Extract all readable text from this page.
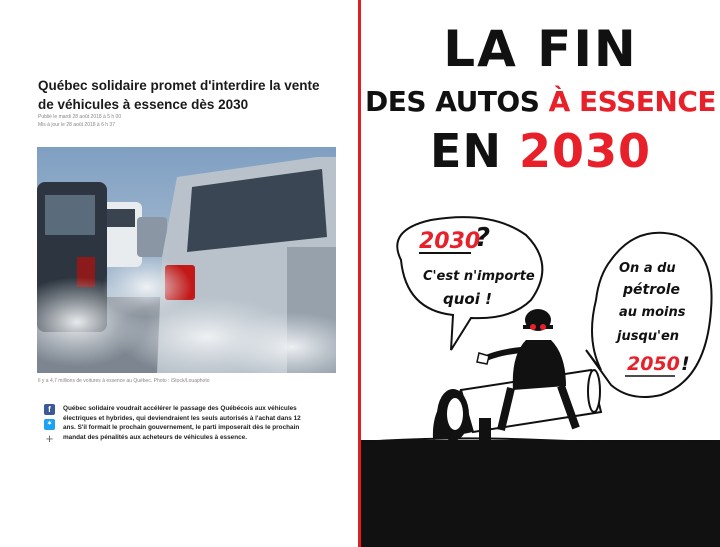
Québec solidaire promet d'interdire la vente de véhicules à essence dès 2030
Publié le mardi 28 août 2018 à 5 h 00
Mis à jour le 28 août 2018 à 6 h 37
Il y a 4,7 millions de voitures à essence au Québec. Photo : iStock/Louaphoto
f
✶
+

Québec solidaire voudrait accélérer le passage des Québécois aux véhicules électriques et hybrides, qui deviendraient les seuls autorisés à l'achat dans 12 ans. S'il formait le prochain gouvernement, le parti imposerait dès le prochain mandat des pénalités aux acheteurs de véhicules à essence.

LA FIN
DES AUTOS À ESSENCE
EN 2030
2030
?
C'est n'importe
quoi !
On a du
pétrole
au moins
jusqu'en
2050 !
